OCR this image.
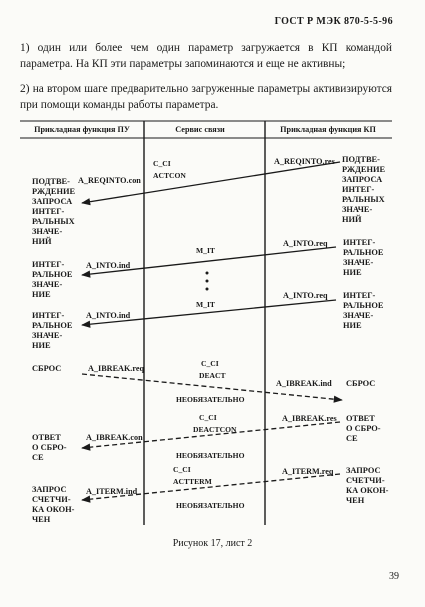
ГОСТ Р МЭК 870-5-5-96
1) один или более чем один параметр загружается в КП командой параметра. На КП эти параметры запоминаются и еще не активны;
2) на втором шаге предварительно загруженные параметры активизируются при помощи команды работы параметра.
Прикладная функция ПУ	Сервис связи	Прикладная функция КП
A_REQINTO.res
A_REQINTO.con
C_CI
ACTCON
ПОДТВЕ-
РЖДЕНИЕ
ЗАПРОСА
ИНТЕГ-
РАЛЬНЫХ
ЗНАЧЕ-
НИЙ
ПОДТВЕ-
РЖДЕНИЕ
ЗАПРОСА
ИНТЕГ-
РАЛЬНЫХ
ЗНАЧЕ-
НИЙ
A_INTO.req
A_INTO.ind
M_IT
ИНТЕГ-
РАЛЬНОЕ
ЗНАЧЕ-
НИЕ
ИНТЕГ-
РАЛЬНОЕ
ЗНАЧЕ-
НИЕ
A_INTO.req
A_INTO.ind
M_IT
ИНТЕГ-
РАЛЬНОЕ
ЗНАЧЕ-
НИЕ
ИНТЕГ-
РАЛЬНОЕ
ЗНАЧЕ-
НИЕ
A_IBREAK.req
A_IBREAK.ind
C_CI
DEACT
НЕОБЯЗАТЕЛЬНО
СБРОС
СБРОС
A_IBREAK.res
A_IBREAK.con
C_CI
DEACTCON
НЕОБЯЗАТЕЛЬНО
ОТВЕТ
О СБРО-
СЕ
ОТВЕТ
О СБРО-
СЕ
A_ITERM.req
A_ITERM.ind
C_CI
ACTTERM
НЕОБЯЗАТЕЛЬНО
ЗАПРОС
СЧЕТЧИ-
КА ОКОН-
ЧЕН
ЗАПРОС
СЧЕТЧИ-
КА ОКОН-
ЧЕН
Рисунок 17, лист 2
39
